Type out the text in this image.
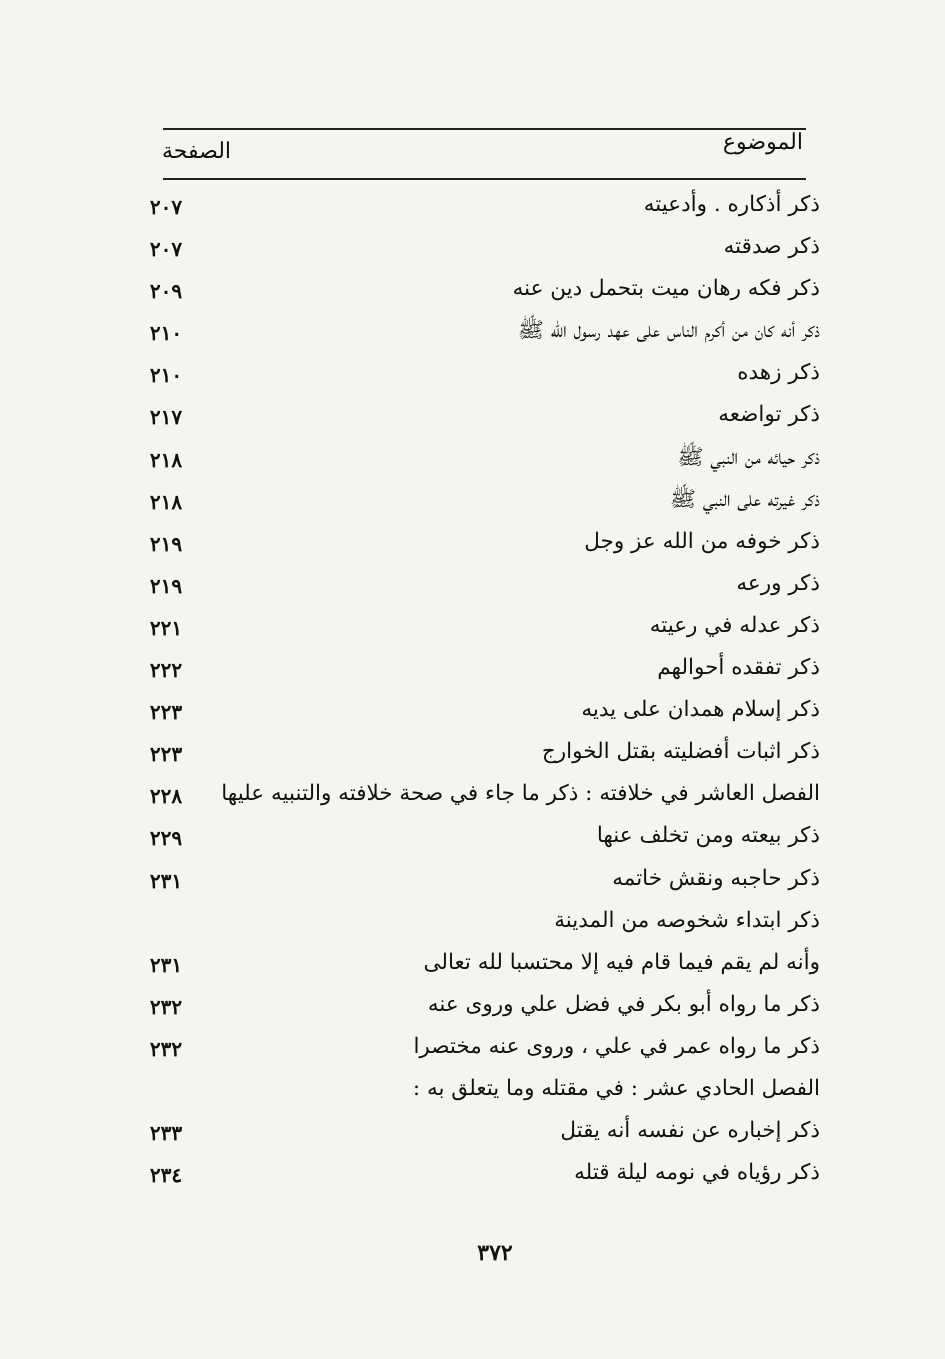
الموضوع
الصفحة
ذكر أذكاره . وأدعيته
٢٠٧
ذكر صدقته
٢٠٧
ذكر فكه رهان ميت بتحمل دين عنه
٢٠٩
ذكر أنه كان من أكرم الناس على عهد رسول الله ﷺ
٢١٠
ذكر زهده
٢١٠
ذكر تواضعه
٢١٧
ذكر حيائه من النبي ﷺ
٢١٨
ذكر غيرته على النبي ﷺ
٢١٨
ذكر خوفه من الله عز وجل
٢١٩
ذكر ورعه
٢١٩
ذكر عدله في رعيته
٢٢١
ذكر تفقده أحوالهم
٢٢٢
ذكر إسلام همدان على يديه
٢٢٣
ذكر اثبات أفضليته بقتل الخوارج
٢٢٣
الفصل العاشر في خلافته : ذكر ما جاء في صحة خلافته والتنبيه عليها
٢٢٨
ذكر بيعته ومن تخلف عنها
٢٢٩
ذكر حاجبه ونقش خاتمه
٢٣١
ذكر ابتداء شخوصه من المدينة
وأنه لم يقم فيما قام فيه إلا محتسبا لله تعالى
٢٣١
ذكر ما رواه أبو بكر في فضل علي وروى عنه
٢٣٢
ذكر ما رواه عمر في علي ، وروى عنه مختصرا
٢٣٢
الفصل الحادي عشر : في مقتله وما يتعلق به :
ذكر إخباره عن نفسه أنه يقتل
٢٣٣
ذكر رؤياه في نومه ليلة قتله
٢٣٤
٣٧٢
